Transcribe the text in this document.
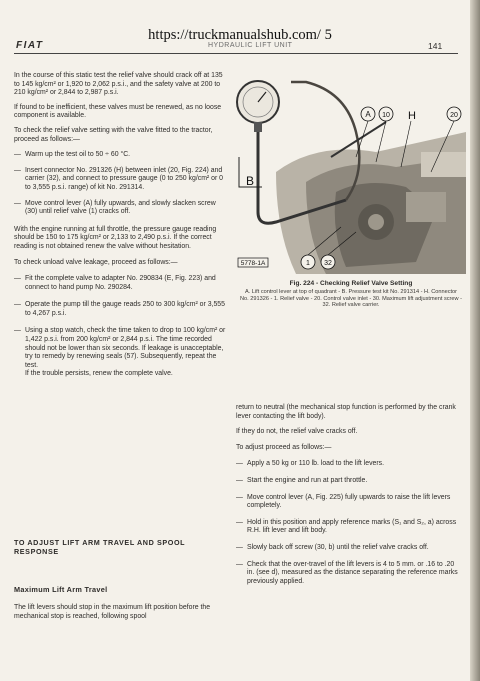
https://truckmanualshub.com/ 5
FIAT	HYDRAULIC LIFT UNIT	141

In the course of this static test the relief valve should crack off at 135 to 145 kg/cm² or 1,920 to 2,062 p.s.i., and the safety valve at 200 to 210 kg/cm² or 2,844 to 2,987 p.s.i.

If found to be inefficient, these valves must be renewed, as no loose component is available.

To check the relief valve setting with the valve fitted to the tractor, proceed as follows:—

— Warm up the test oil to 50 ÷ 60 °C.

— Insert connector No. 291326 (H) between inlet (20, Fig. 224) and carrier (32), and connect to pressure gauge (0 to 250 kg/cm² or 0 to 3,555 p.s.i. range) of kit No. 291314.

— Move control lever (A) fully upwards, and slowly slacken screw (30) until relief valve (1) cracks off.

With the engine running at full throttle, the pressure gauge reading should be 150 to 175 kg/cm² or 2,133 to 2,490 p.s.i. If the correct reading is not obtained renew the valve without hesitation.

To check unload valve leakage, proceed as follows:—

— Fit the complete valve to adapter No. 290834 (E, Fig. 223) and connect to hand pump No. 290284.

— Operate the pump till the gauge reads 250 to 300 kg/cm² or 3,555 to 4,267 p.s.i.

— Using a stop watch, check the time taken to drop to 100 kg/cm² or 1,422 p.s.i. from 200 kg/cm² or 2,844 p.s.i. The time recorded should not be lower than six seconds. If leakage is unacceptable, try to remedy by renewing seals (57). Subsequently, repeat the test.

If the trouble persists, renew the complete valve.

TO ADJUST LIFT ARM TRAVEL AND SPOOL RESPONSE
Maximum Lift Arm Travel
The lift levers should stop in the maximum lift position before the mechanical stop is reached, following spool
B
A 10 H	20
5778-1A	1 32
Fig. 224 - Checking Relief Valve Setting
A. Lift control lever at top of quadrant - B. Pressure test kit No. 291314 - H. Connector No. 291326 - 1. Relief valve - 20. Control valve inlet - 30. Maximum lift adjustment screw - 32. Relief valve carrier.

return to neutral (the mechanical stop function is performed by the crank lever contacting the lift body).

If they do not, the relief valve cracks off.

To adjust proceed as follows:—

— Apply a 50 kg or 110 lb. load to the lift levers.

— Start the engine and run at part throttle.

— Move control lever (A, Fig. 225) fully upwards to raise the lift levers completely.

— Hold in this position and apply reference marks (S₁ and S₂, a) across R.H. lift lever and lift body.

— Slowly back off screw (30, b) until the relief valve cracks off.

— Check that the over-travel of the lift levers is 4 to 5 mm. or .16 to .20 in. (see d), measured as the distance separating the reference marks previously applied.
